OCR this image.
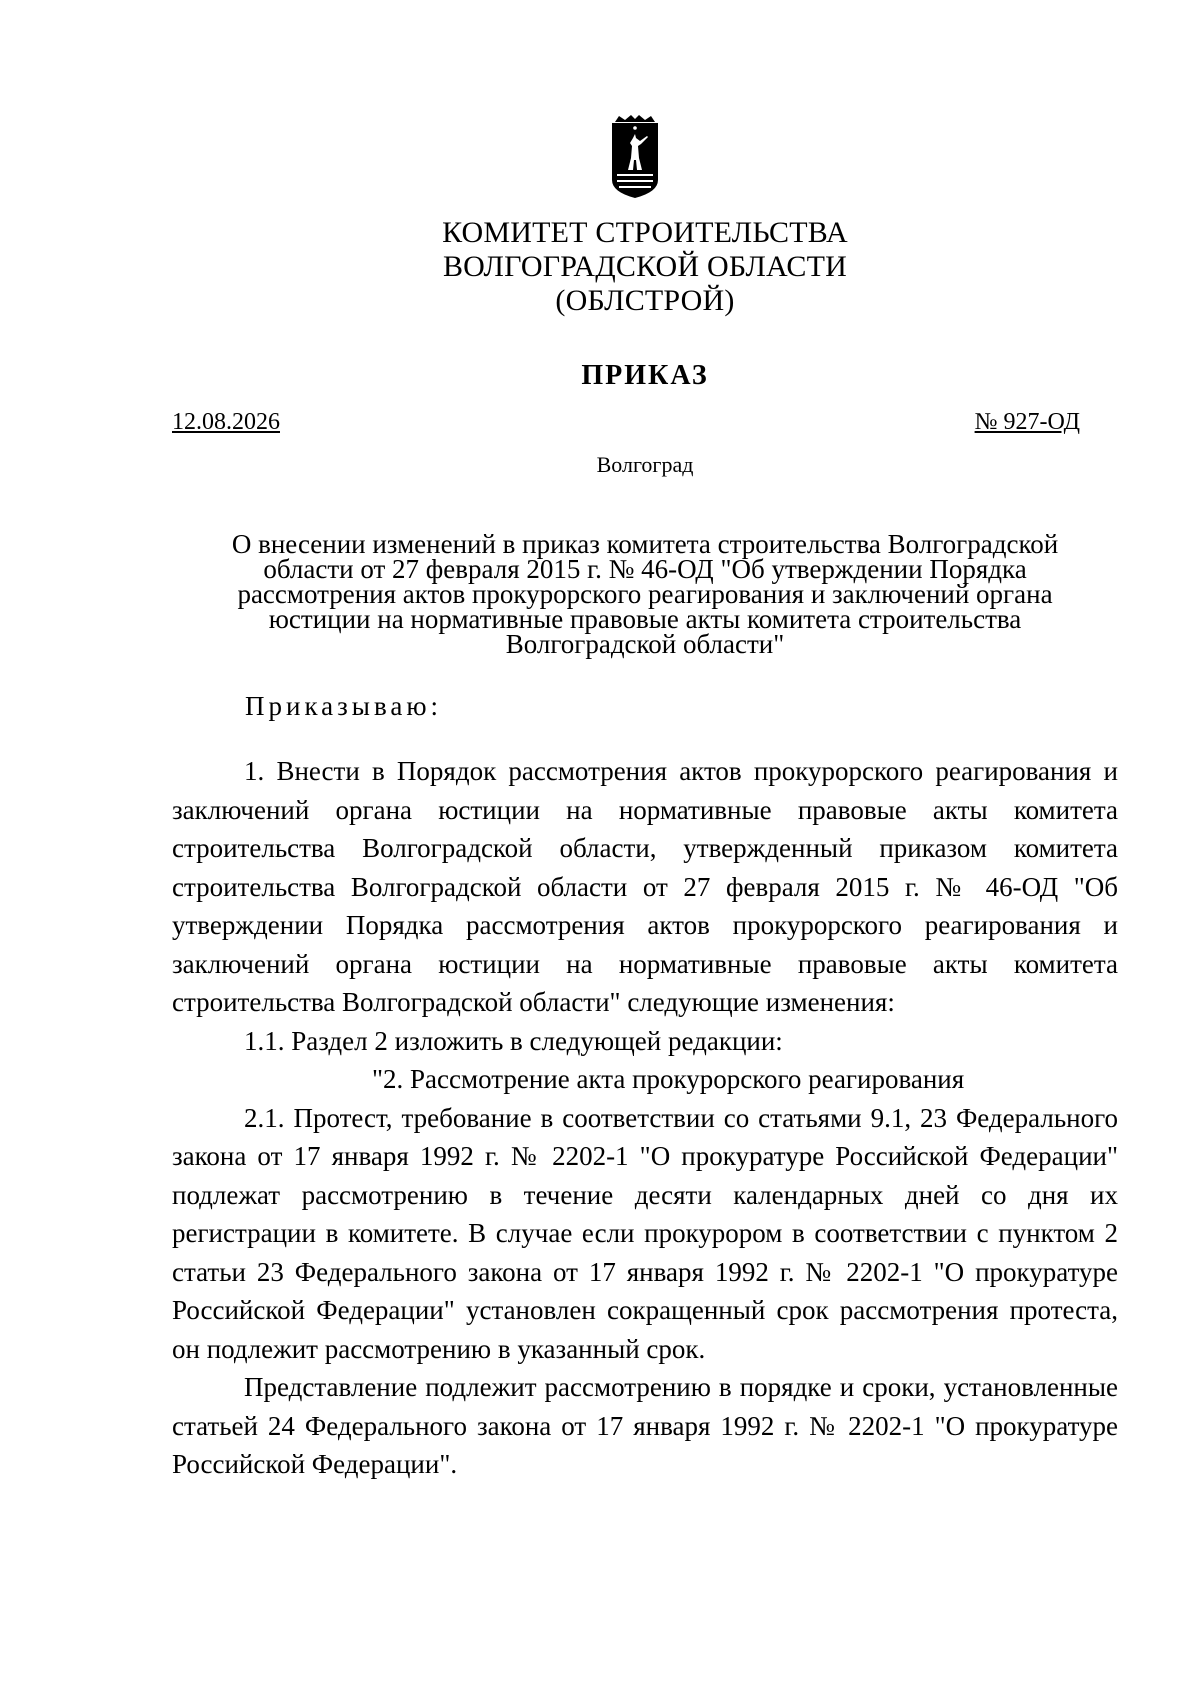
КОМИТЕТ СТРОИТЕЛЬСТВА
ВОЛГОГРАДСКОЙ ОБЛАСТИ
(ОБЛСТРОЙ)
ПРИКАЗ
12.08.2026	№ 927-ОД
Волгоград
О внесении изменений в приказ комитета строительства Волгоградской области от 27 февраля 2015 г. № 46-ОД "Об утверждении Порядка рассмотрения актов прокурорского реагирования и заключений органа юстиции на нормативные правовые акты комитета строительства Волгоградской области"
Приказываю:

1. Внести в Порядок рассмотрения актов прокурорского реагирования и заключений органа юстиции на нормативные правовые акты комитета строительства Волгоградской области, утвержденный приказом комитета строительства Волгоградской области от 27 февраля 2015 г. № 46-ОД "Об утверждении Порядка рассмотрения актов прокурорского реагирования и заключений органа юстиции на нормативные правовые акты комитета строительства Волгоградской области" следующие изменения:

1.1. Раздел 2 изложить в следующей редакции:

"2. Рассмотрение акта прокурорского реагирования

2.1. Протест, требование в соответствии со статьями 9.1, 23 Федерального закона от 17 января 1992 г. № 2202-1 "О прокуратуре Российской Федерации" подлежат рассмотрению в течение десяти календарных дней со дня их регистрации в комитете. В случае если прокурором в соответствии с пунктом 2 статьи 23 Федерального закона от 17 января 1992 г. № 2202-1 "О прокуратуре Российской Федерации" установлен сокращенный срок рассмотрения протеста, он подлежит рассмотрению в указанный срок.

Представление подлежит рассмотрению в порядке и сроки, установленные статьей 24 Федерального закона от 17 января 1992 г. № 2202-1 "О прокуратуре Российской Федерации".
